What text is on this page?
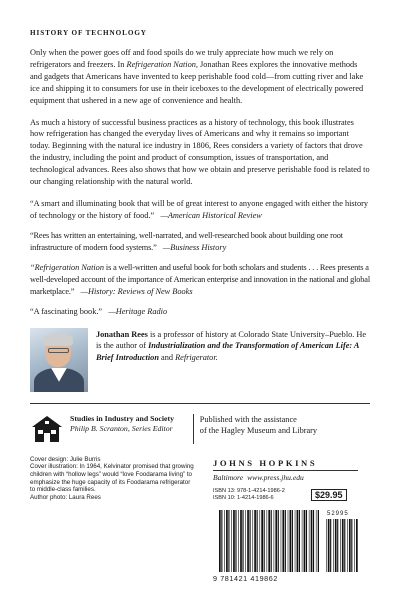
HISTORY OF TECHNOLOGY

Only when the power goes off and food spoils do we truly appreciate how much we rely on refrigerators and freezers. In Refrigeration Nation, Jonathan Rees explores the innovative methods and gadgets that Americans have invented to keep perishable food cold—from cutting river and lake ice and shipping it to consumers for use in their iceboxes to the development of electrically powered equipment that ushered in a new age of convenience and health.

As much a history of successful business practices as a history of technology, this book illustrates how refrigeration has changed the everyday lives of Americans and why it remains so important today. Beginning with the natural ice industry in 1806, Rees considers a variety of factors that drove the industry, including the point and product of consumption, issues of transportation, and technological advances. Rees also shows that how we obtain and preserve perishable food is related to our changing relationship with the natural world.

“A smart and illuminating book that will be of great interest to anyone engaged with either the history of technology or the history of food.” —American Historical Review
“Rees has written an entertaining, well-narrated, and well-researched book about building one root infrastructure of modern food systems.” —Business History
“Refrigeration Nation is a well-written and useful book for both scholars and students . . . Rees presents a well-developed account of the importance of American enterprise and innovation in the national and global marketplace.” —History: Reviews of New Books
“A fascinating book.” —Heritage Radio
Jonathan Rees is a professor of history at Colorado State University–Pueblo. He is the author of Industrialization and the Transformation of American Life: A Brief Introduction and Refrigerator.
Studies in Industry and Society
Philip B. Scranton, Series Editor
Published with the assistance
of the Hagley Museum and Library
Cover design: Julie Burris
Cover illustration: In 1964, Kelvinator promised that growing children with “hollow legs” would “love Foodarama living” to emphasize the huge capacity of its Foodarama refrigerator to middle-class families.
Author photo: Laura Rees
JOHNS HOPKINS
Baltimore www.press.jhu.edu
ISBN 13: 978-1-4214-1986-2
ISBN 10: 1-4214-1986-6	$29.95
52995
9 781421 419862
